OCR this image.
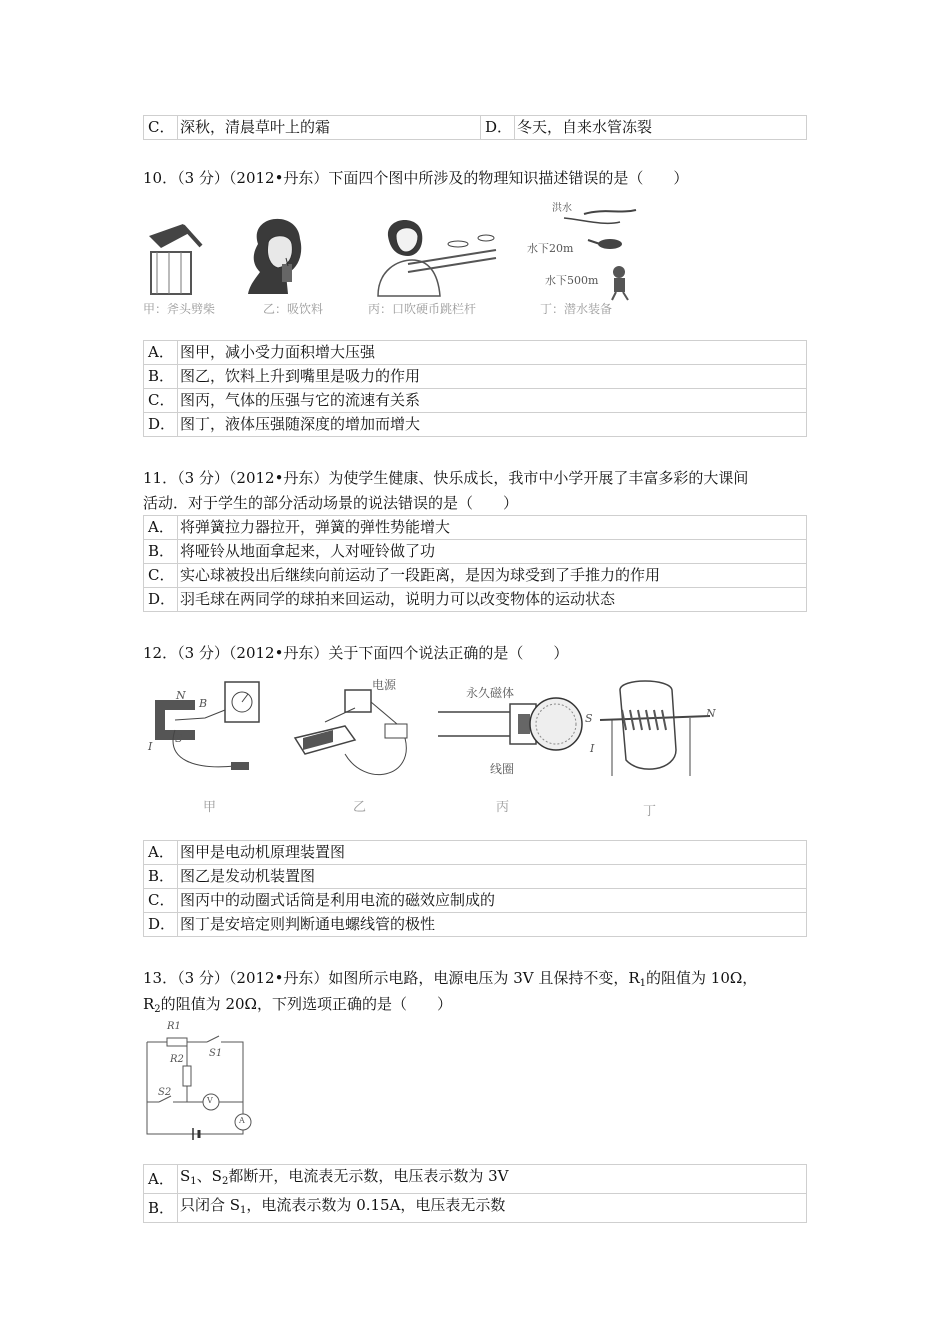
C．	深秋，清晨草叶上的霜	D．	冬天，自来水管冻裂
10．（3 分）（2012•丹东）下面四个图中所涉及的物理知识描述错误的是（　　）
洪水
水下20m
水下500m
甲：斧头劈柴	乙：吸饮料	丙：口吹硬币跳栏杆	丁：潜水装备
A．	图甲，减小受力面积增大压强
B．	图乙，饮料上升到嘴里是吸力的作用
C．	图丙，气体的压强与它的流速有关系
D．	图丁，液体压强随深度的增加而增大
11．（3 分）（2012•丹东）为使学生健康、快乐成长，我市中小学开展了丰富多彩的大课间
活动．对于学生的部分活动场景的说法错误的是（　　）
A．	将弹簧拉力器拉开，弹簧的弹性势能增大
B．	将哑铃从地面拿起来，人对哑铃做了功
C．	实心球被投出后继续向前运动了一段距离，是因为球受到了手推力的作用
D．	羽毛球在两同学的球拍来回运动，说明力可以改变物体的运动状态
12．（3 分）（2012•丹东）关于下面四个说法正确的是（　　）
N
B
S
I
电源
永久磁体
线圈
S	N
I
甲	乙	丙	丁
A．	图甲是电动机原理装置图
B．	图乙是发动机装置图
C．	图丙中的动圈式话筒是利用电流的磁效应制成的
D．	图丁是安培定则判断通电螺线管的极性
13．（3 分）（2012•丹东）如图所示电路，电源电压为 3V 且保持不变，$R_1$的阻值为 10Ω，
$R_2$的阻值为 20Ω，下列选项正确的是（　　）
R1
R2
S1
S2
V
A
A．	$S_1$、$S_2$都断开，电流表无示数，电压表示数为 3V
B．	只闭合 $S_1$，电流表示数为 0.15A，电压表无示数
